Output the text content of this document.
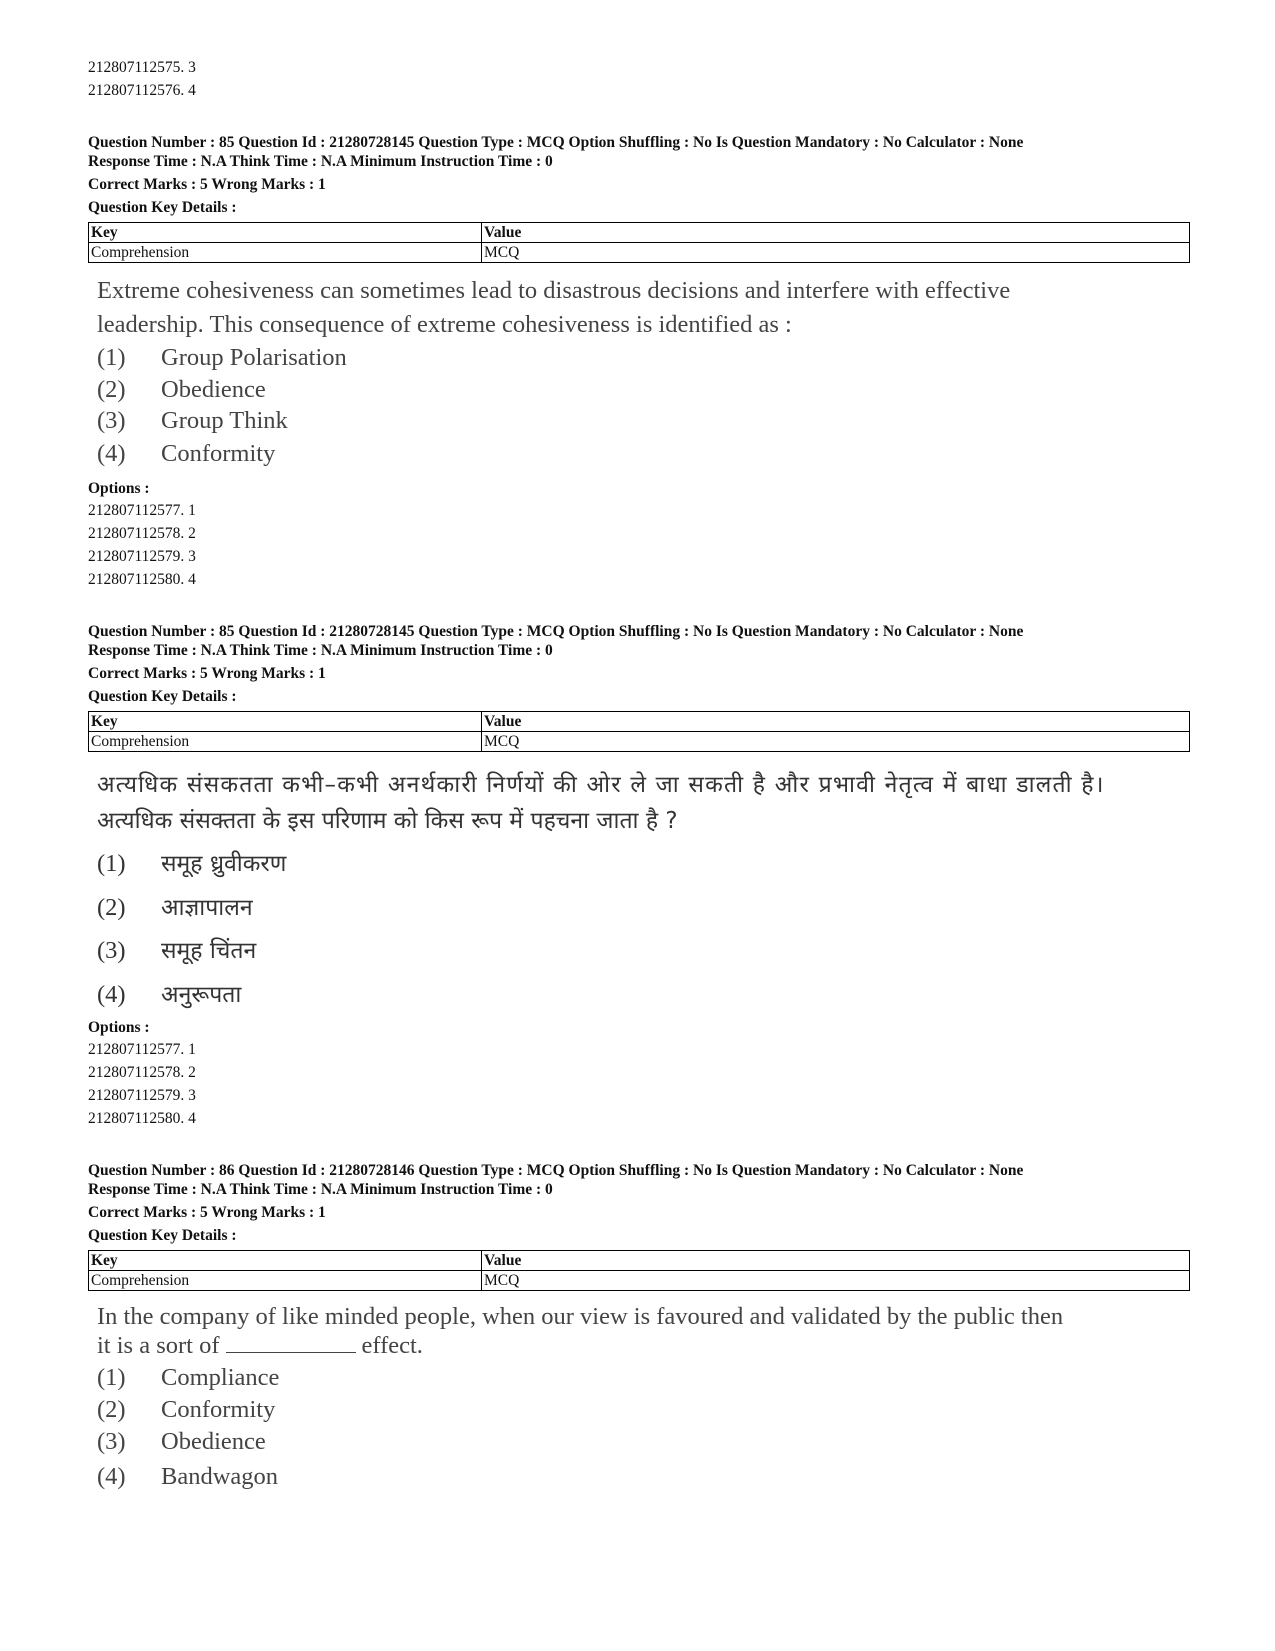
212807112575. 3
212807112576. 4
Question Number : 85 Question Id : 21280728145 Question Type : MCQ Option Shuffling : No Is Question Mandatory : No Calculator : None
Response Time : N.A Think Time : N.A Minimum Instruction Time : 0
Correct Marks : 5 Wrong Marks : 1
Question Key Details :
Key	Value
Comprehension	MCQ
Extreme cohesiveness can sometimes lead to disastrous decisions and interfere with effective
leadership. This consequence of extreme cohesiveness is identified as :
(1) Group Polarisation
(2) Obedience
(3) Group Think
(4) Conformity
Options :
212807112577. 1
212807112578. 2
212807112579. 3
212807112580. 4
Question Number : 85 Question Id : 21280728145 Question Type : MCQ Option Shuffling : No Is Question Mandatory : No Calculator : None
Response Time : N.A Think Time : N.A Minimum Instruction Time : 0
Correct Marks : 5 Wrong Marks : 1
Question Key Details :
Key	Value
Comprehension	MCQ
अत्यधिक संसकतता कभी–कभी अनर्थकारी निर्णयों की ओर ले जा सकती है और प्रभावी नेतृत्व में बाधा डालती है।
अत्यधिक संसक्तता के इस परिणाम को किस रूप में पहचना जाता है ?
(1) समूह ध्रुवीकरण
(2) आज्ञापालन
(3) समूह चिंतन
(4) अनुरूपता
Options :
212807112577. 1
212807112578. 2
212807112579. 3
212807112580. 4
Question Number : 86 Question Id : 21280728146 Question Type : MCQ Option Shuffling : No Is Question Mandatory : No Calculator : None
Response Time : N.A Think Time : N.A Minimum Instruction Time : 0
Correct Marks : 5 Wrong Marks : 1
Question Key Details :
Key	Value
Comprehension	MCQ
In the company of like minded people, when our view is favoured and validated by the public then
it is a sort of	effect.
(1) Compliance
(2) Conformity
(3) Obedience
(4) Bandwagon
